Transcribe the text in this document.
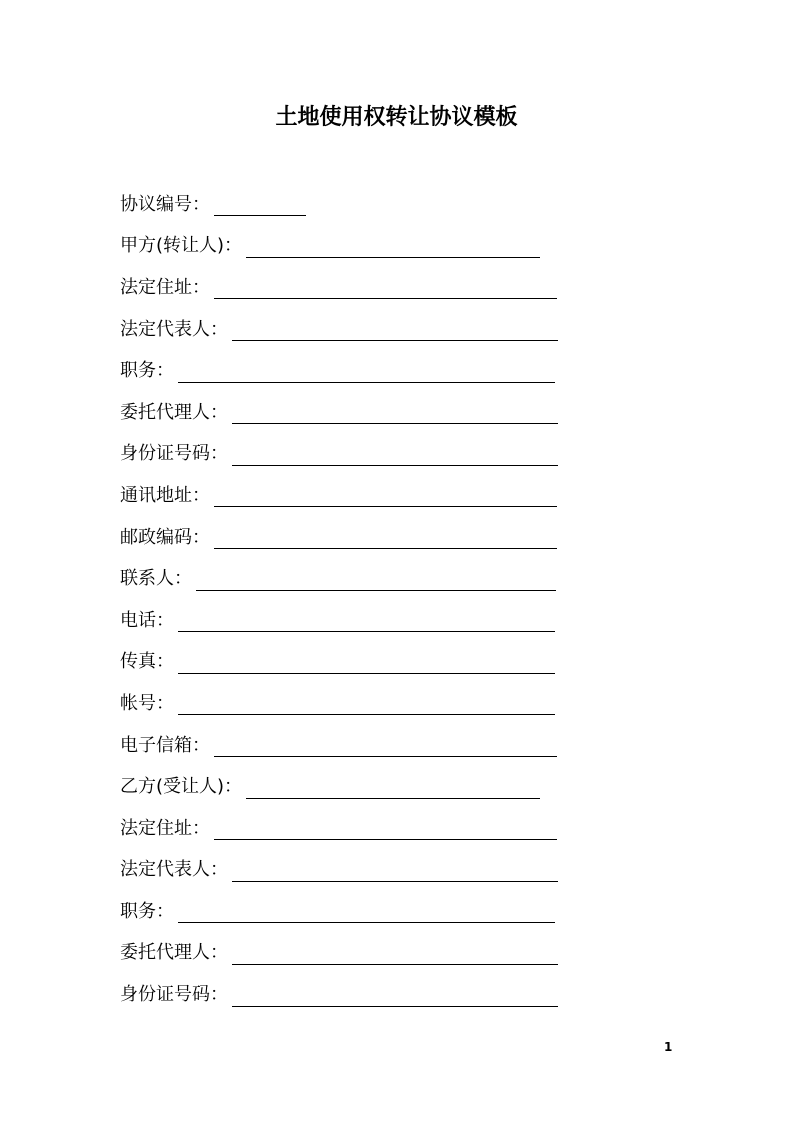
土地使用权转让协议模板
协议编号：
甲方(转让人)：
法定住址：
法定代表人：
职务：
委托代理人：
身份证号码：
通讯地址：
邮政编码：
联系人：
电话：
传真：
帐号：
电子信箱：
乙方(受让人)：
法定住址：
法定代表人：
职务：
委托代理人：
身份证号码：
1
